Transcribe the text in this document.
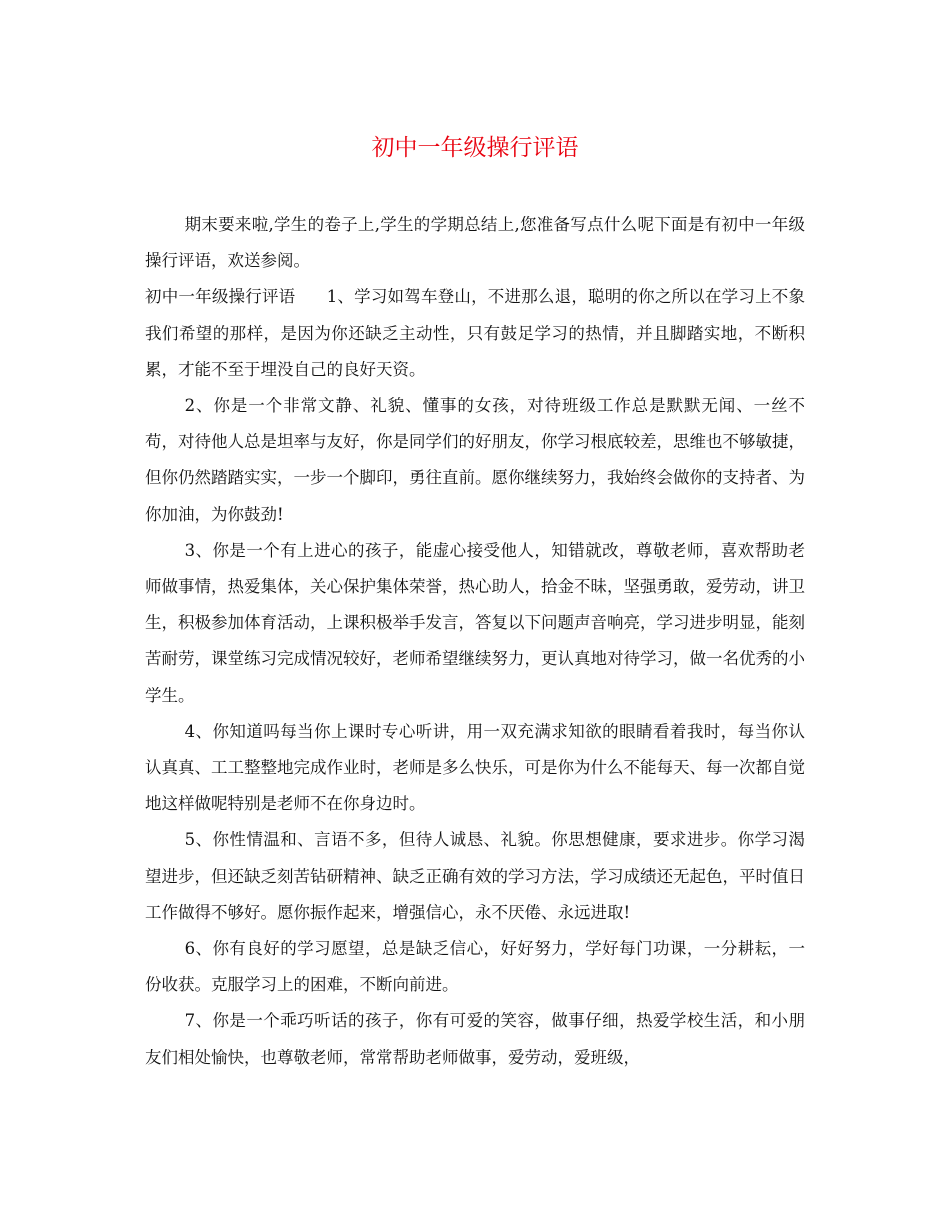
初中一年级操行评语

期末要来啦,学生的卷子上,学生的学期总结上,您准备写点什么呢下面是有初中一年级操行评语，欢送参阅。

初中一年级操行评语 1、学习如驾车登山，不进那么退，聪明的你之所以在学习上不象我们希望的那样，是因为你还缺乏主动性，只有鼓足学习的热情，并且脚踏实地，不断积累，才能不至于埋没自己的良好天资。

2、你是一个非常文静、礼貌、懂事的女孩，对待班级工作总是默默无闻、一丝不苟，对待他人总是坦率与友好，你是同学们的好朋友，你学习根底较差，思维也不够敏捷，但你仍然踏踏实实，一步一个脚印，勇往直前。愿你继续努力，我始终会做你的支持者、为你加油，为你鼓劲!

3、你是一个有上进心的孩子，能虚心接受他人，知错就改，尊敬老师，喜欢帮助老师做事情，热爱集体，关心保护集体荣誉，热心助人，拾金不昧，坚强勇敢，爱劳动，讲卫生，积极参加体育活动，上课积极举手发言，答复以下问题声音响亮，学习进步明显，能刻苦耐劳，课堂练习完成情况较好，老师希望继续努力，更认真地对待学习，做一名优秀的小学生。

4、你知道吗每当你上课时专心听讲，用一双充满求知欲的眼睛看着我时，每当你认认真真、工工整整地完成作业时，老师是多么快乐，可是你为什么不能每天、每一次都自觉地这样做呢特别是老师不在你身边时。

5、你性情温和、言语不多，但待人诚恳、礼貌。你思想健康，要求进步。你学习渴望进步，但还缺乏刻苦钻研精神、缺乏正确有效的学习方法，学习成绩还无起色，平时值日工作做得不够好。愿你振作起来，增强信心，永不厌倦、永远进取!

6、你有良好的学习愿望，总是缺乏信心，好好努力，学好每门功课，一分耕耘，一份收获。克服学习上的困难，不断向前进。

7、你是一个乖巧听话的孩子，你有可爱的笑容，做事仔细，热爱学校生活，和小朋友们相处愉快，也尊敬老师，常常帮助老师做事，爱劳动，爱班级，
